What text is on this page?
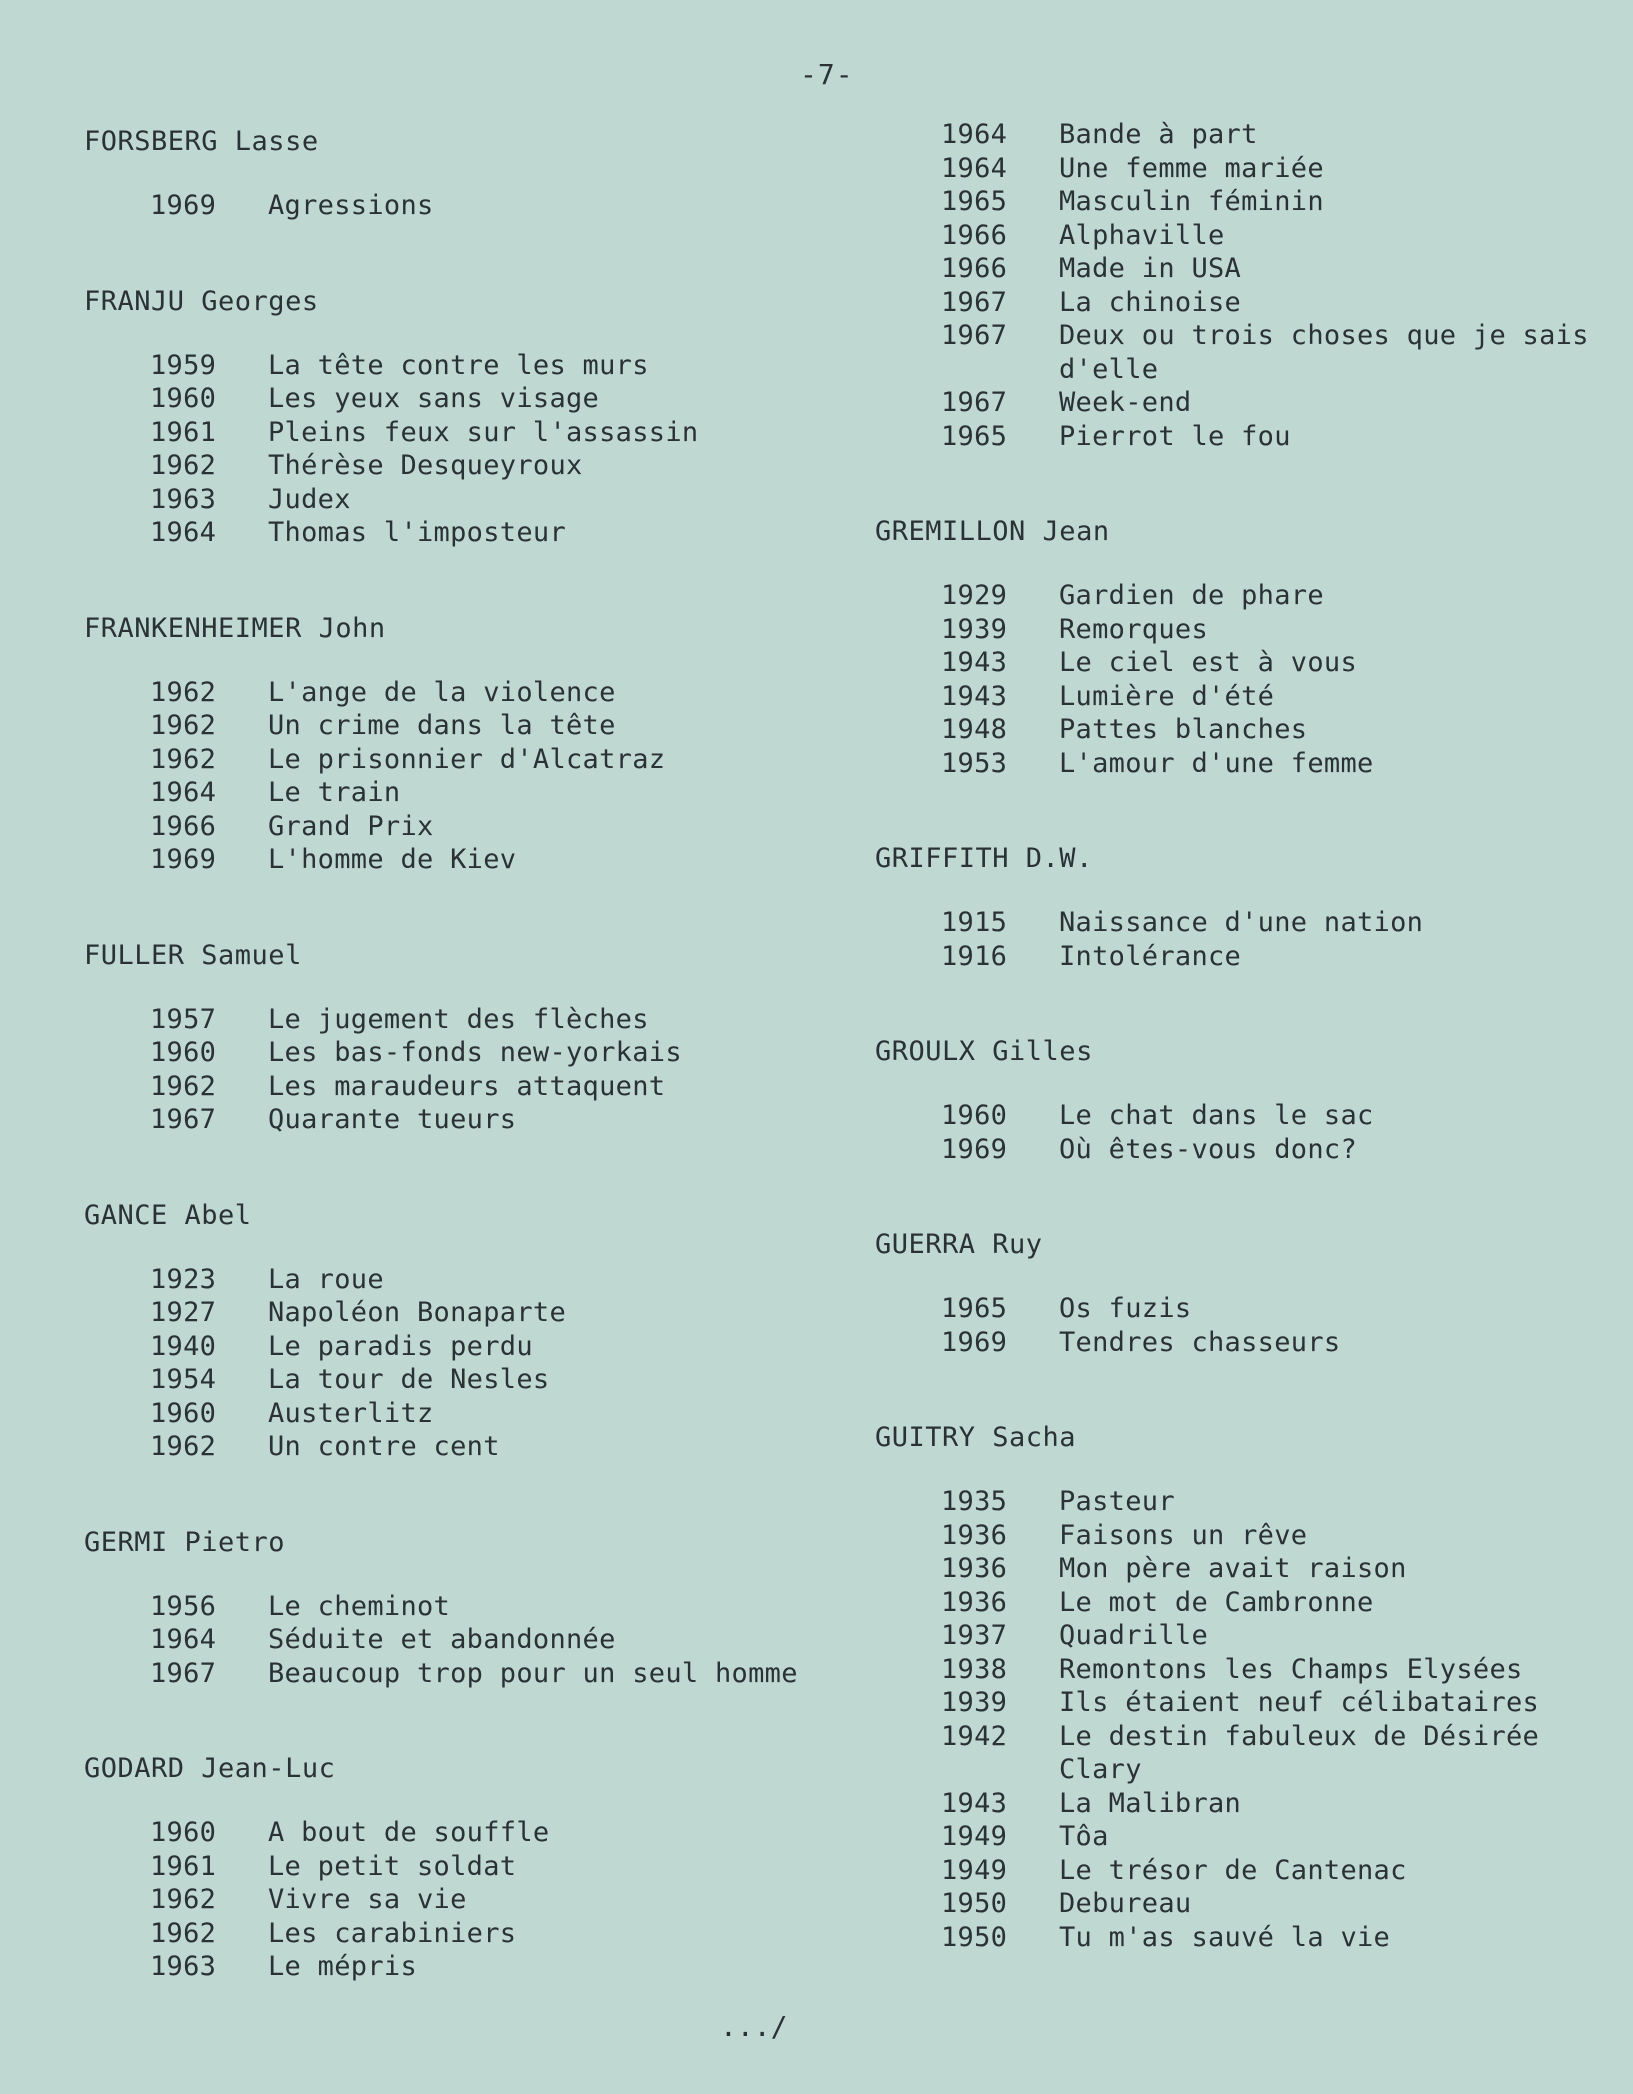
-7-
FORSBERG Lasse
1969	Agressions
FRANJU Georges
1959	La tête contre les murs
1960	Les yeux sans visage
1961	Pleins feux sur l'assassin
1962	Thérèse Desqueyroux
1963	Judex
1964	Thomas l'imposteur
FRANKENHEIMER John
1962	L'ange de la violence
1962	Un crime dans la tête
1962	Le prisonnier d'Alcatraz
1964	Le train
1966	Grand Prix
1969	L'homme de Kiev
FULLER Samuel
1957	Le jugement des flèches
1960	Les bas-fonds new-yorkais
1962	Les maraudeurs attaquent
1967	Quarante tueurs
GANCE Abel
1923	La roue
1927	Napoléon Bonaparte
1940	Le paradis perdu
1954	La tour de Nesles
1960	Austerlitz
1962	Un contre cent
GERMI Pietro
1956	Le cheminot
1964	Séduite et abandonnée
1967	Beaucoup trop pour un seul homme
GODARD Jean-Luc
1960	A bout de souffle
1961	Le petit soldat
1962	Vivre sa vie
1962	Les carabiniers
1963	Le mépris
1964	Bande à part
1964	Une femme mariée
1965	Masculin féminin
1966	Alphaville
1966	Made in USA
1967	La chinoise
1967	Deux ou trois choses que je sais d'elle
1967	Week-end
1965	Pierrot le fou
GREMILLON Jean
1929	Gardien de phare
1939	Remorques
1943	Le ciel est à vous
1943	Lumière d'été
1948	Pattes blanches
1953	L'amour d'une femme
GRIFFITH D.W.
1915	Naissance d'une nation
1916	Intolérance
GROULX Gilles
1960	Le chat dans le sac
1969	Où êtes-vous donc?
GUERRA Ruy
1965	Os fuzis
1969	Tendres chasseurs
GUITRY Sacha
1935	Pasteur
1936	Faisons un rêve
1936	Mon père avait raison
1936	Le mot de Cambronne
1937	Quadrille
1938	Remontons les Champs Elysées
1939	Ils étaient neuf célibataires
1942	Le destin fabuleux de Désirée Clary
1943	La Malibran
1949	Tôa
1949	Le trésor de Cantenac
1950	Debureau
1950	Tu m'as sauvé la vie
.../
